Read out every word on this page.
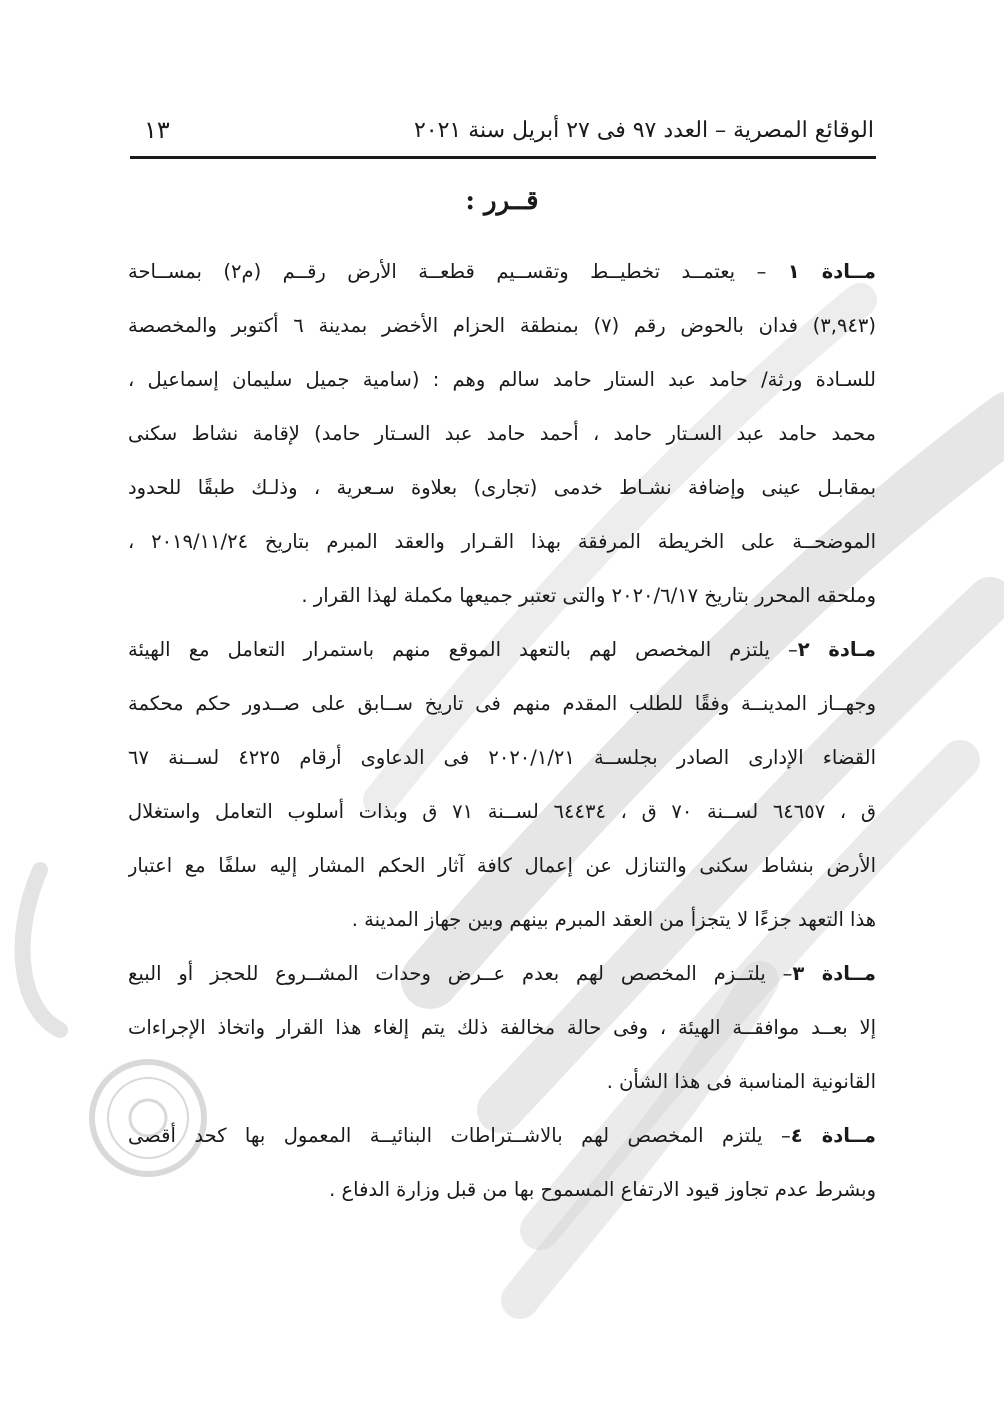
الوقائع المصرية – العدد ٩٧ فى ٢٧ أبريل سنة ٢٠٢١
١٣
قــرر :
مــادة ١ – يعتمــد تخطيــط وتقســيم قطعــة الأرض رقــم (م٢) بمســاحة
(٣,٩٤٣) فدان بالحوض رقم (٧) بمنطقة الحزام الأخضر بمدينة ٦ أكتوبر والمخصصة
للسـادة ورثة/ حامد عبد الستار حامد سالم وهم : (سامية جميل سليمان إسماعيل ،
محمد حامد عبد السـتار حامد ، أحمد حامد عبد السـتار حامد) لإقامة نشاط سكنى
بمقابـل عينى وإضافة نشـاط خدمى (تجارى) بعلاوة سـعرية ، وذلـك طبقًا للحدود
الموضحــة على الخريطة المرفقة بهذا القـرار والعقد المبرم بتاريخ ٢٠١٩/١١/٢٤ ،
وملحقه المحرر بتاريخ ٢٠٢٠/٦/١٧ والتى تعتبر جميعها مكملة لهذا القرار .
مـادة ٢– يلتزم المخصص لهم بالتعهد الموقع منهم باستمرار التعامل مع الهيئة
وجهــاز المدينــة وفقًا للطلب المقدم منهم فى تاريخ ســابق على صــدور حكم محكمة
القضاء الإدارى الصادر بجلســة ٢٠٢٠/١/٢١ فى الدعاوى أرقام ٤٢٢٥ لســنة ٦٧
ق ، ٦٤٦٥٧ لســنة ٧٠ ق ، ٦٤٤٣٤ لســنة ٧١ ق وبذات أسلوب التعامل واستغلال
الأرض بنشاط سكنى والتنازل عن إعمال كافة آثار الحكم المشار إليه سلفًا مع اعتبار
هذا التعهد جزءًا لا يتجزأ من العقد المبرم بينهم وبين جهاز المدينة .
مــادة ٣– يلتــزم المخصص لهم بعدم عــرض وحدات المشــروع للحجز أو البيع
إلا بعــد موافقــة الهيئة ، وفى حالة مخالفة ذلك يتم إلغاء هذا القرار واتخاذ الإجراءات
القانونية المناسبة فى هذا الشأن .
مــادة ٤– يلتزم المخصص لهم بالاشــتراطات البنائيــة المعمول بها كحد أقصى
وبشرط عدم تجاوز قيود الارتفاع المسموح بها من قبل وزارة الدفاع .
